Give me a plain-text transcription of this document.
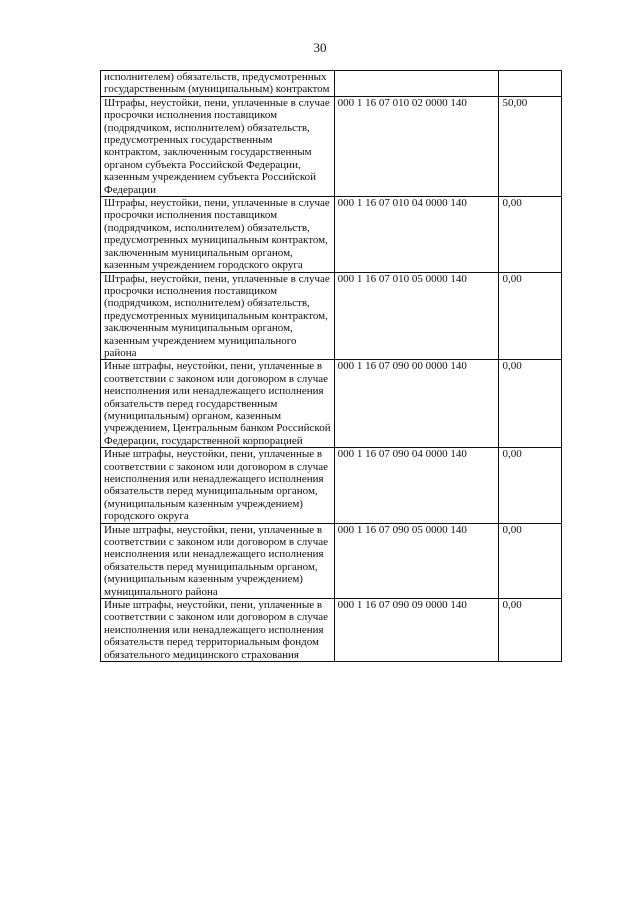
30
исполнителем) обязательств, предусмотренных государственным (муниципальным) контрактом		
Штрафы, неустойки, пени, уплаченные в случае просрочки исполнения поставщиком (подрядчиком, исполнителем) обязательств, предусмотренных государственным контрактом, заключенным государственным органом субъекта Российской Федерации, казенным учреждением субъекта Российской Федерации	000 1 16 07 010 02 0000 140	50,00
Штрафы, неустойки, пени, уплаченные в случае просрочки исполнения поставщиком (подрядчиком, исполнителем) обязательств, предусмотренных муниципальным контрактом, заключенным муниципальным органом, казенным учреждением городского округа	000 1 16 07 010 04 0000 140	0,00
Штрафы, неустойки, пени, уплаченные в случае просрочки исполнения поставщиком (подрядчиком, исполнителем) обязательств, предусмотренных муниципальным контрактом, заключенным муниципальным органом, казенным учреждением муниципального района	000 1 16 07 010 05 0000 140	0,00
Иные штрафы, неустойки, пени, уплаченные в соответствии с законом или договором в случае неисполнения или ненадлежащего исполнения обязательств перед государственным (муниципальным) органом, казенным учреждением, Центральным банком Российской Федерации, государственной корпорацией	000 1 16 07 090 00 0000 140	0,00
Иные штрафы, неустойки, пени, уплаченные в соответствии с законом или договором в случае неисполнения или ненадлежащего исполнения обязательств перед муниципальным органом, (муниципальным казенным учреждением) городского округа	000 1 16 07 090 04 0000 140	0,00
Иные штрафы, неустойки, пени, уплаченные в соответствии с законом или договором в случае неисполнения или ненадлежащего исполнения обязательств перед муниципальным органом, (муниципальным казенным учреждением) муниципального района	000 1 16 07 090 05 0000 140	0,00
Иные штрафы, неустойки, пени, уплаченные в соответствии с законом или договором в случае неисполнения или ненадлежащего исполнения обязательств перед территориальным фондом обязательного медицинского страхования	000 1 16 07 090 09 0000 140	0,00
